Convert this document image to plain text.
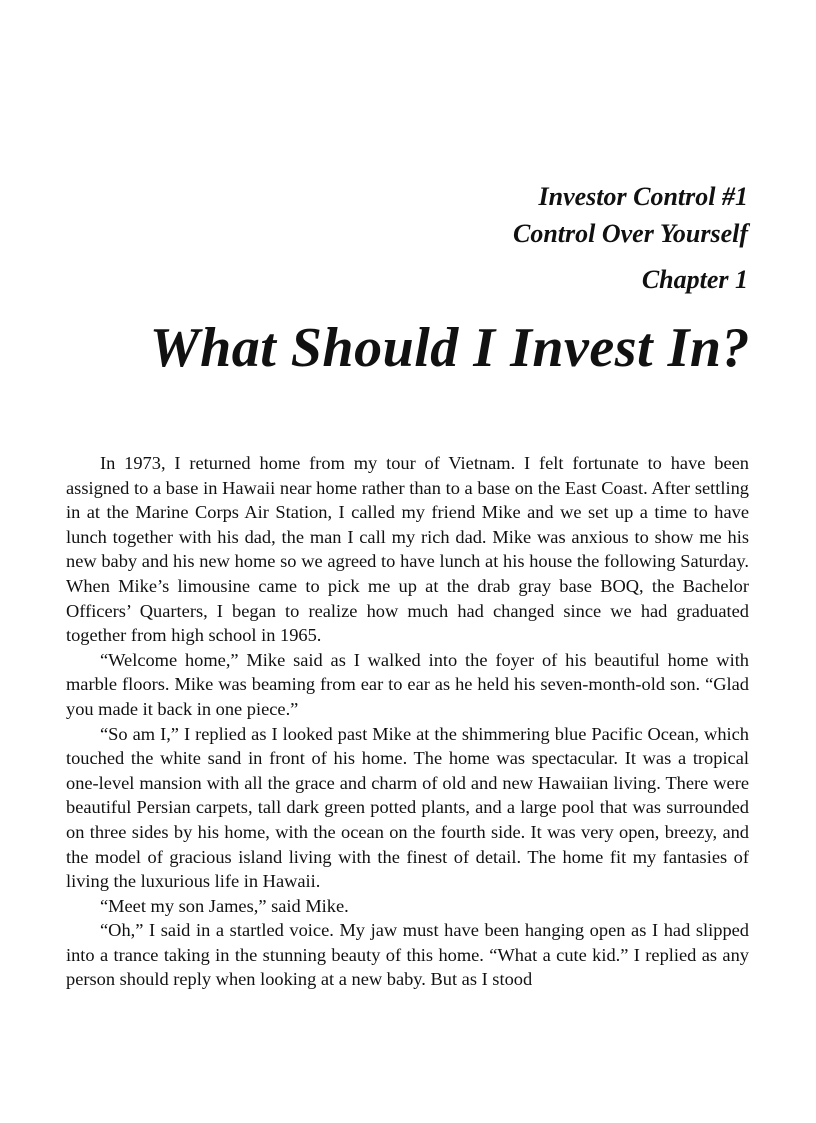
Investor Control #1
Control Over Yourself
Chapter 1
What Should I Invest In?

In 1973, I returned home from my tour of Vietnam. I felt fortunate to have been assigned to a base in Hawaii near home rather than to a base on the East Coast. After settling in at the Marine Corps Air Station, I called my friend Mike and we set up a time to have lunch together with his dad, the man I call my rich dad. Mike was anxious to show me his new baby and his new home so we agreed to have lunch at his house the following Saturday. When Mike’s limousine came to pick me up at the drab gray base BOQ, the Bachelor Officers’ Quarters, I began to realize how much had changed since we had graduated together from high school in 1965.

“Welcome home,” Mike said as I walked into the foyer of his beautiful home with marble floors. Mike was beaming from ear to ear as he held his seven-month-old son. “Glad you made it back in one piece.”

“So am I,” I replied as I looked past Mike at the shimmering blue Pacific Ocean, which touched the white sand in front of his home. The home was spectacular. It was a tropical one-level mansion with all the grace and charm of old and new Hawaiian living. There were beautiful Persian carpets, tall dark green potted plants, and a large pool that was surrounded on three sides by his home, with the ocean on the fourth side. It was very open, breezy, and the model of gracious island living with the finest of detail. The home fit my fantasies of living the luxurious life in Hawaii.

“Meet my son James,” said Mike.

“Oh,” I said in a startled voice. My jaw must have been hanging open as I had slipped into a trance taking in the stunning beauty of this home. “What a cute kid.” I replied as any person should reply when looking at a new baby. But as I stood
